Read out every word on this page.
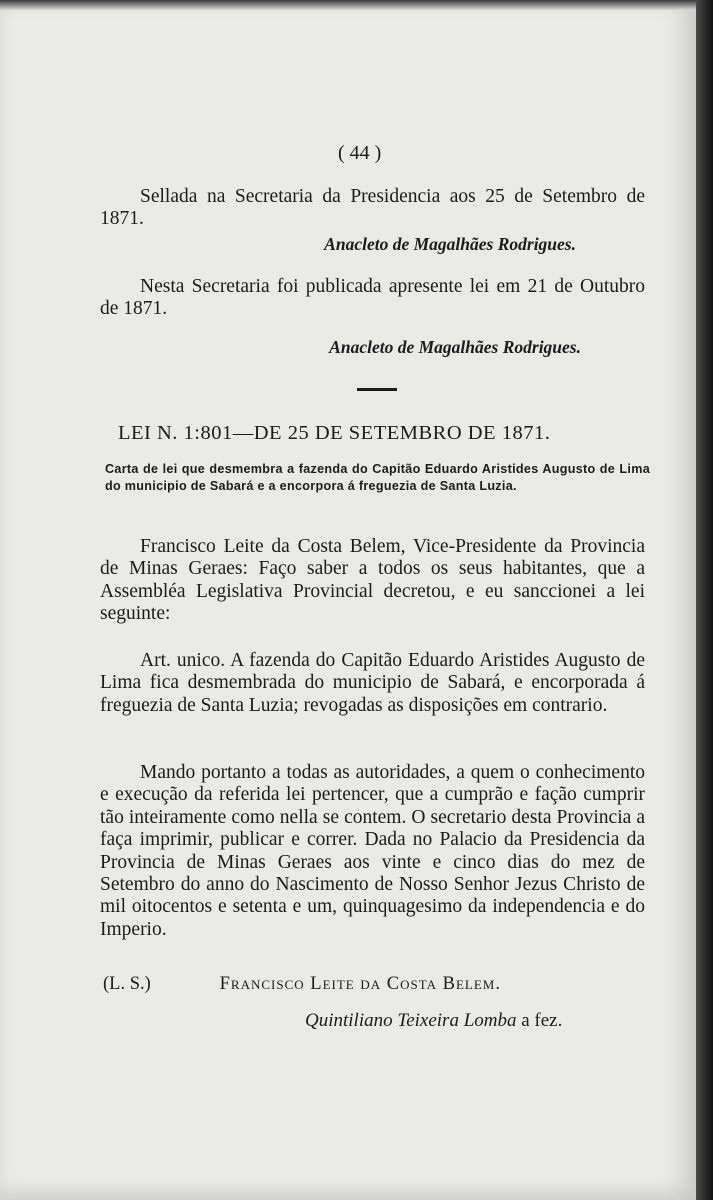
( 44 )
Sellada na Secretaria da Presidencia aos 25 de Setembro de 1871.
Anacleto de Magalhães Rodrigues.
Nesta Secretaria foi publicada apresente lei em 21 de Outubro de 1871.
Anacleto de Magalhães Rodrigues.
LEI N. 1:801—DE 25 DE SETEMBRO DE 1871.
Carta de lei que desmembra a fazenda do Capitão Eduardo Aristides Augusto de Lima do municipio de Sabará e a encorpora á freguezia de Santa Luzia.
Francisco Leite da Costa Belem, Vice-Presidente da Provincia de Minas Geraes: Faço saber a todos os seus habitantes, que a Assembléa Legislativa Provincial decretou, e eu sanccionei a lei seguinte:
Art. unico. A fazenda do Capitão Eduardo Aristides Augusto de Lima fica desmembrada do municipio de Sabará, e encorporada á freguezia de Santa Luzia; revogadas as disposições em contrario.
Mando portanto a todas as autoridades, a quem o conhecimento e execução da referida lei pertencer, que a cumprão e fação cumprir tão inteiramente como nella se contem. O secretario desta Provincia a faça imprimir, publicar e correr. Dada no Palacio da Presidencia da Provincia de Minas Geraes aos vinte e cinco dias do mez de Setembro do anno do Nascimento de Nosso Senhor Jezus Christo de mil oitocentos e setenta e um, quinquagesimo da independencia e do Imperio.
(L. S.)	Francisco Leite da Costa Belem.
Quintiliano Teixeira Lomba a fez.
